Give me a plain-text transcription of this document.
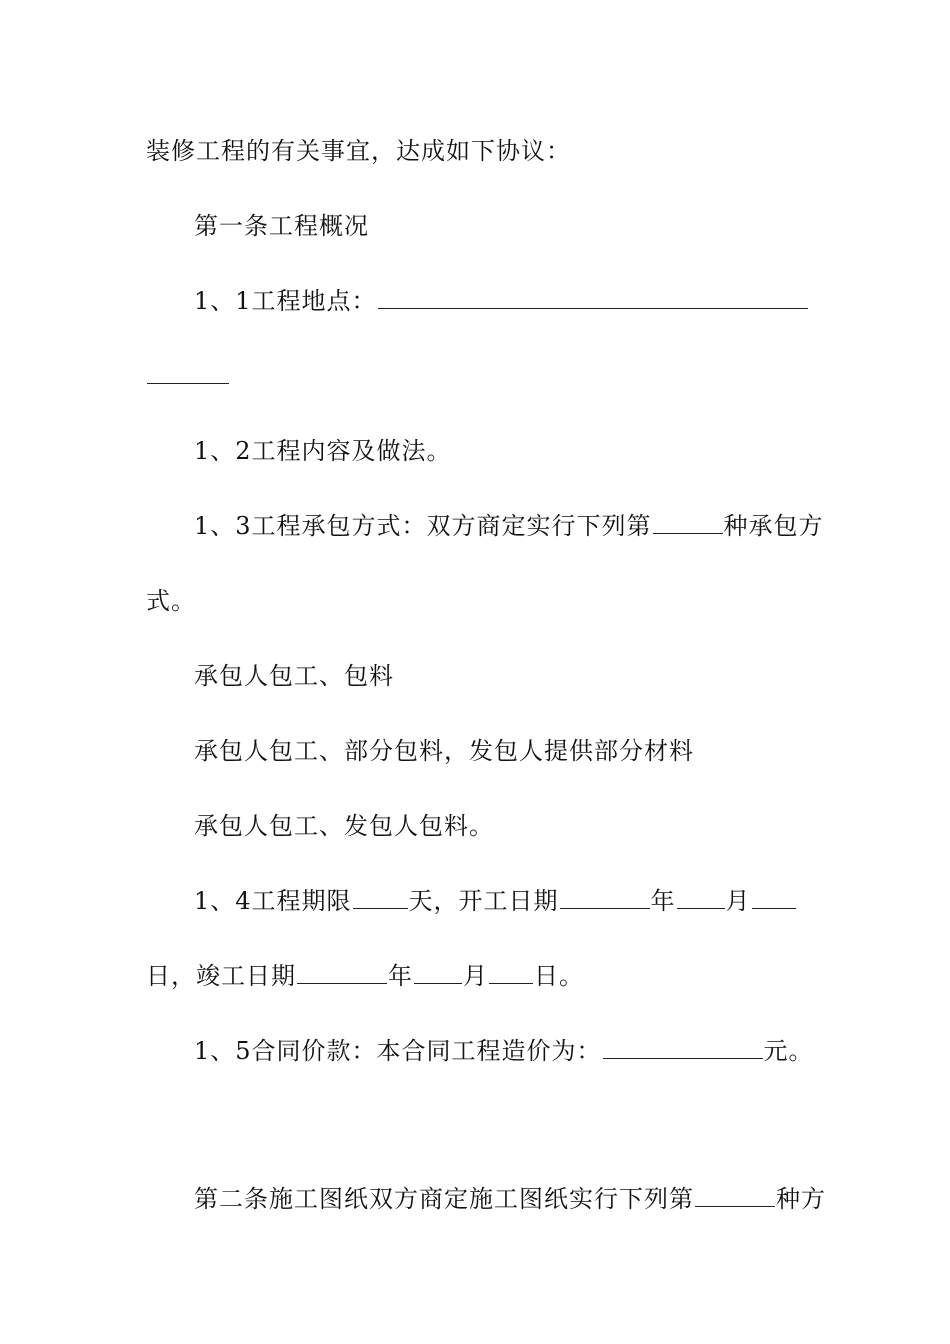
装修工程的有关事宜，达成如下协议：
第一条工程概况
1、1工程地点：
1、2工程内容及做法。
1、3工程承包方式：双方商定实行下列第	种承包方
式。
承包人包工、包料
承包人包工、部分包料，发包人提供部分材料
承包人包工、发包人包料。
1、4工程期限 天，开工日期	年 月
日，竣工日期	年 月 日。
1、5合同价款：本合同工程造价为：	元。
第二条施工图纸双方商定施工图纸实行下列第	种方
